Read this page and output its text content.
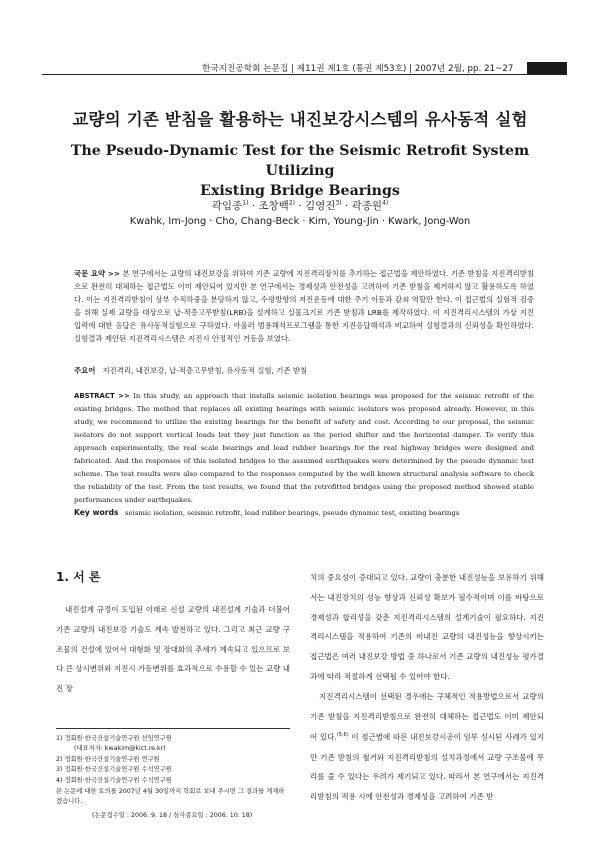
한국지진공학회 논문집 | 제11권 제1호 (통권 제53호) | 2007년 2월, pp. 21~27
교량의 기존 받침을 활용하는 내진보강시스템의 유사동적 실험
The Pseudo-Dynamic Test for the Seismic Retrofit System Utilizing
Existing Bridge Bearings
곽임종$^{1)}$ · 조창백$^{2)}$ · 김영진$^{3)}$ · 곽종원$^{4)}$
Kwahk, Im-Jong · Cho, Chang-Beck · Kim, Young-Jin · Kwark, Jong-Won
국문 요약 >> 본 연구에서는 교량의 내진보강을 위하여 기존 교량에 지진격리장치를 추가하는 접근법을 제안하였다. 기존 받침을 지진격리받침으로 완전히 대체하는 접근법도 이미 제안되어 있지만 본 연구에서는 경제성과 안전성을 고려하여 기존 받침을 제거하지 않고 활용하도록 하였다. 이는 지진격리받침이 상부 수직하중을 분담하지 않고, 수평방향의 저진운동에 대한 주기 이동과 감쇠 역할만 한다. 이 접근법의 실험적 검증을 위해 실제 교량을 대상으로 납-적층고무받침(LRB)을 설계하고 실물크기로 기존 받침과 LRB를 제작하였다. 이 지진격리시스템의 가상 지진입력에 대한 응답은 유사동적실험으로 구하였다. 아울러 범용해석프로그램을 통한 지진응답해석과 비교하여 실험결과의 신뢰성을 확인하였다. 실험결과 제안된 지진격리시스템은 지진시 안정적인 거동을 보였다.
주요어 지진격리, 내진보강, 납-적층고무받침, 유사동적 실험, 기존 받침
ABSTRACT >> In this study, an approach that installs seismic isolation bearings was proposed for the seismic retrofit of the existing bridges. The method that replaces all existing bearings with seismic isolators was proposed already. However, in this study, we recommend to utilize the existing bearings for the benefit of safety and cost. According to our proposal, the seismic isolators do not support vertical loads but they just function as the period shifter and the horizontal damper. To verify this approach experimentally, the real scale bearings and lead rubber bearings for the real highway bridges were designed and fabricated. And the responses of this isolated bridges to the assumed earthquakes were determined by the pseudo dynamic test scheme. The test results were also compared to the responses computed by the well known structural analysis software to check the reliability of the test. From the test results, we found that the retrofitted bridges using the proposed method showed stable performances under earthquakes.
Key words seismic isolation, seismic retrofit, lead rubber bearings, pseudo dynamic test, existing bearings
1. 서 론

내진설계 규정이 도입된 이래로 신설 교량의 내진설계 기술과 더불어 기존 교량의 내진보강 기술도 계속 발전하고 있다. 그리고 최근 교량 구조물의 건설에 있어서 대형화 및 장대화의 추세가 계속되고 있으므로 보다 큰 상시변위와 지진시 가동변위를 효과적으로 수용할 수 있는 교량 내진 장

1) 정회원·한국건설기술연구원 선임연구원

(대표저자: kwakim@kict.re.kr)

2) 정회원·한국건설기술연구원 연구원

3) 정회원·한국건설기술연구원 수석연구원

4) 정회원·한국건설기술연구원 수석연구원

본 논문에 대한 토의를 2007년 4월 30일까지 학회로 보내 주시면 그 결과를 게재하겠습니다.

(논문접수일 : 2006. 9. 18 / 심사종료일 : 2006. 10. 18)

치의 중요성이 증대되고 있다. 교량이 충분한 내진성능을 보유하기 위해서는 내진장치의 성능 향상과 신뢰성 확보가 필수적이며 이를 바탕으로 경제성과 합리성을 갖춘 지진격리시스템의 설계기술이 필요하다. 지진격리시스템을 적용하여 기존의 비내진 교량의 내진성능을 향상시키는 접근법은 여러 내진보강 방법 중 하나로서 기존 교량의 내진성능 평가결과에 따라 적절하게 선택될 수 있어야 한다.

지진격리시스템이 선택된 경우에는 구체적인 적용방법으로서 교량의 기존 받침을 지진격리받침으로 완전히 대체하는 접근법도 이미 제안되어 있다.$^{(5,6)}$ 이 접근법에 따른 내진보강시공이 일부 실시된 사례가 있지만 기존 받침의 철거와 지진격리받침의 설치과정에서 교량 구조물에 무리를 줄 수 있다는 우려가 제기되고 있다. 따라서 본 연구에서는 지진격리받침의 적용 시에 안전성과 경제성을 고려하여 기존 받
